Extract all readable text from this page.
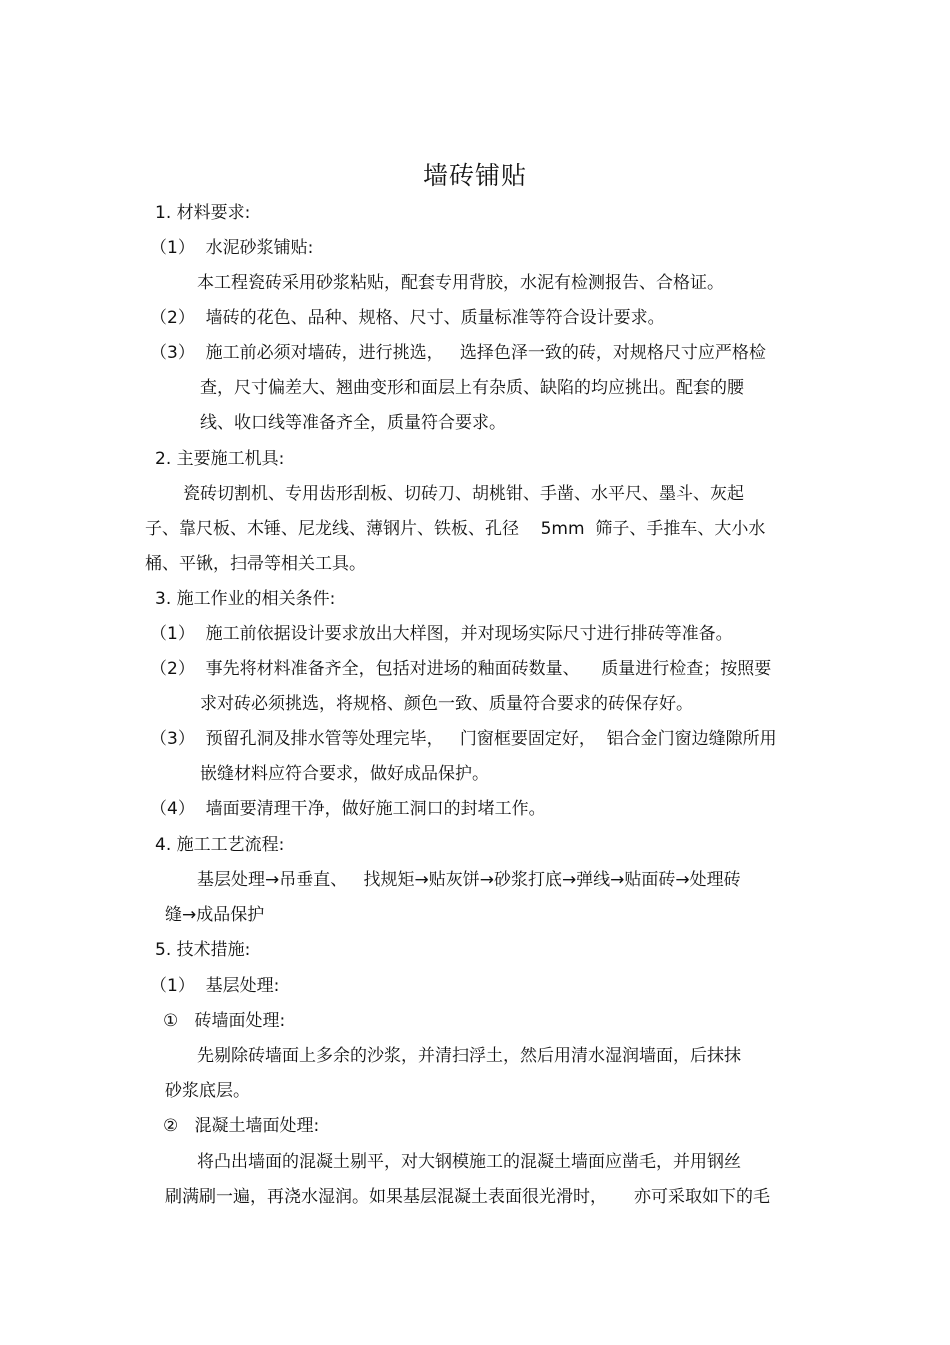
墙砖铺贴
1. 材料要求:
（1）  水泥砂浆铺贴:
本工程瓷砖采用砂浆粘贴，配套专用背胶，水泥有检测报告、合格证。
（2）  墙砖的花色、品种、规格、尺寸、质量标准等符合设计要求。
（3）  施工前必须对墙砖，进行挑选，   选择色泽一致的砖，对规格尺寸应严格检
查，尺寸偏差大、翘曲变形和面层上有杂质、缺陷的均应挑出。配套的腰
线、收口线等准备齐全，质量符合要求。
2. 主要施工机具:
瓷砖切割机、专用齿形刮板、切砖刀、胡桃钳、手凿、水平尺、墨斗、灰起
子、靠尺板、木锤、尼龙线、薄钢片、铁板、孔径    5mm  筛子、手推车、大小水
桶、平锹，扫帚等相关工具。
3. 施工作业的相关条件:
（1）  施工前依据设计要求放出大样图，并对现场实际尺寸进行排砖等准备。
（2）  事先将材料准备齐全，包括对进场的釉面砖数量、    质量进行检查；按照要
求对砖必须挑选，将规格、颜色一致、质量符合要求的砖保存好。
（3）  预留孔洞及排水管等处理完毕，   门窗框要固定好，  铝合金门窗边缝隙所用
嵌缝材料应符合要求，做好成品保护。
（4）  墙面要清理干净，做好施工洞口的封堵工作。
4. 施工工艺流程:
基层处理→吊垂直、   找规矩→贴灰饼→砂浆打底→弹线→贴面砖→处理砖
缝→成品保护
5. 技术措施:
（1）  基层处理:
①   砖墙面处理:
先剔除砖墙面上多余的沙浆，并清扫浮土，然后用清水湿润墙面，后抹抹
砂浆底层。
②   混凝土墙面处理:
将凸出墙面的混凝土剔平，对大钢模施工的混凝土墙面应凿毛，并用钢丝
刷满刷一遍，再浇水湿润。如果基层混凝土表面很光滑时，     亦可采取如下的毛
